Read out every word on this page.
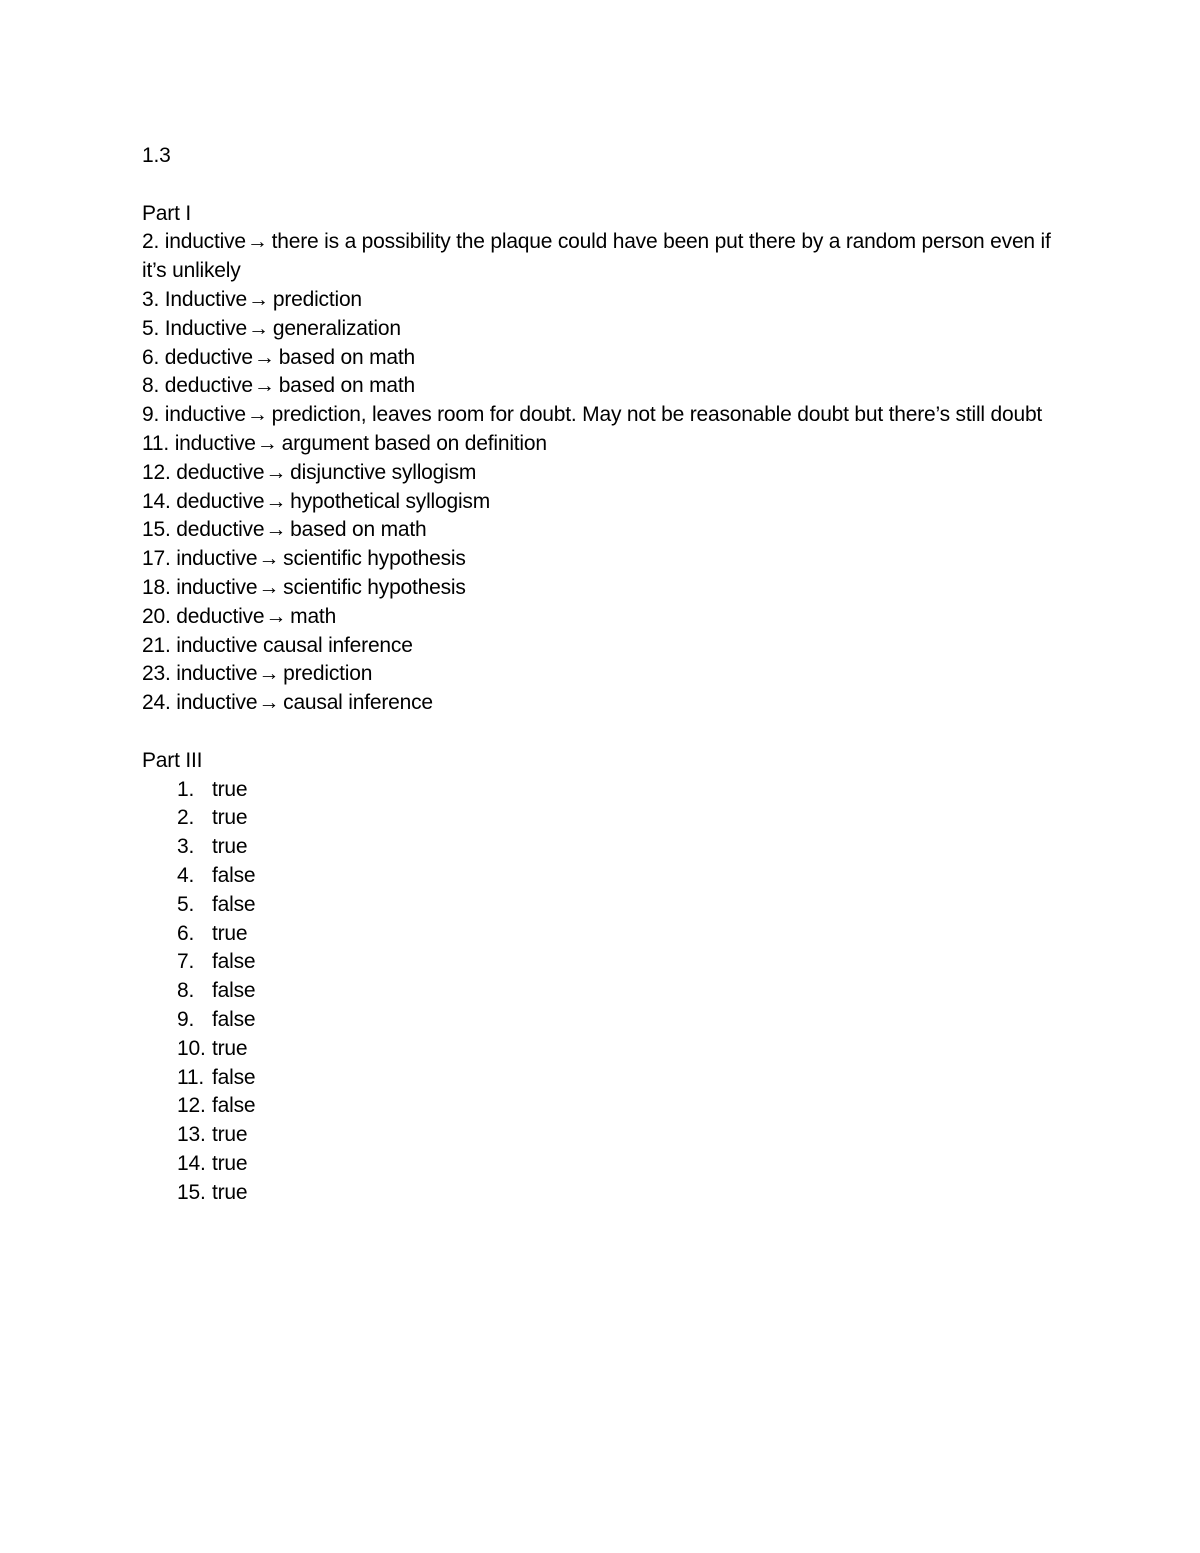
1.3

Part I

2. inductive→ there is a possibility the plaque could have been put there by a random person even if it’s unlikely

3. Inductive→ prediction

5. Inductive→ generalization

6. deductive→ based on math

8. deductive→ based on math

9. inductive→ prediction, leaves room for doubt. May not be reasonable doubt but there’s still doubt

11. inductive→ argument based on definition

12. deductive→ disjunctive syllogism

14. deductive→ hypothetical syllogism

15. deductive→ based on math

17. inductive→ scientific hypothesis

18. inductive→ scientific hypothesis

20. deductive→ math

21. inductive causal inference

23. inductive→ prediction

24. inductive→ causal inference

Part III

1. true
2. true
3. true
4. false
5. false
6. true
7. false
8. false
9. false
10. true
11. false
12. false
13. true
14. true
15. true
